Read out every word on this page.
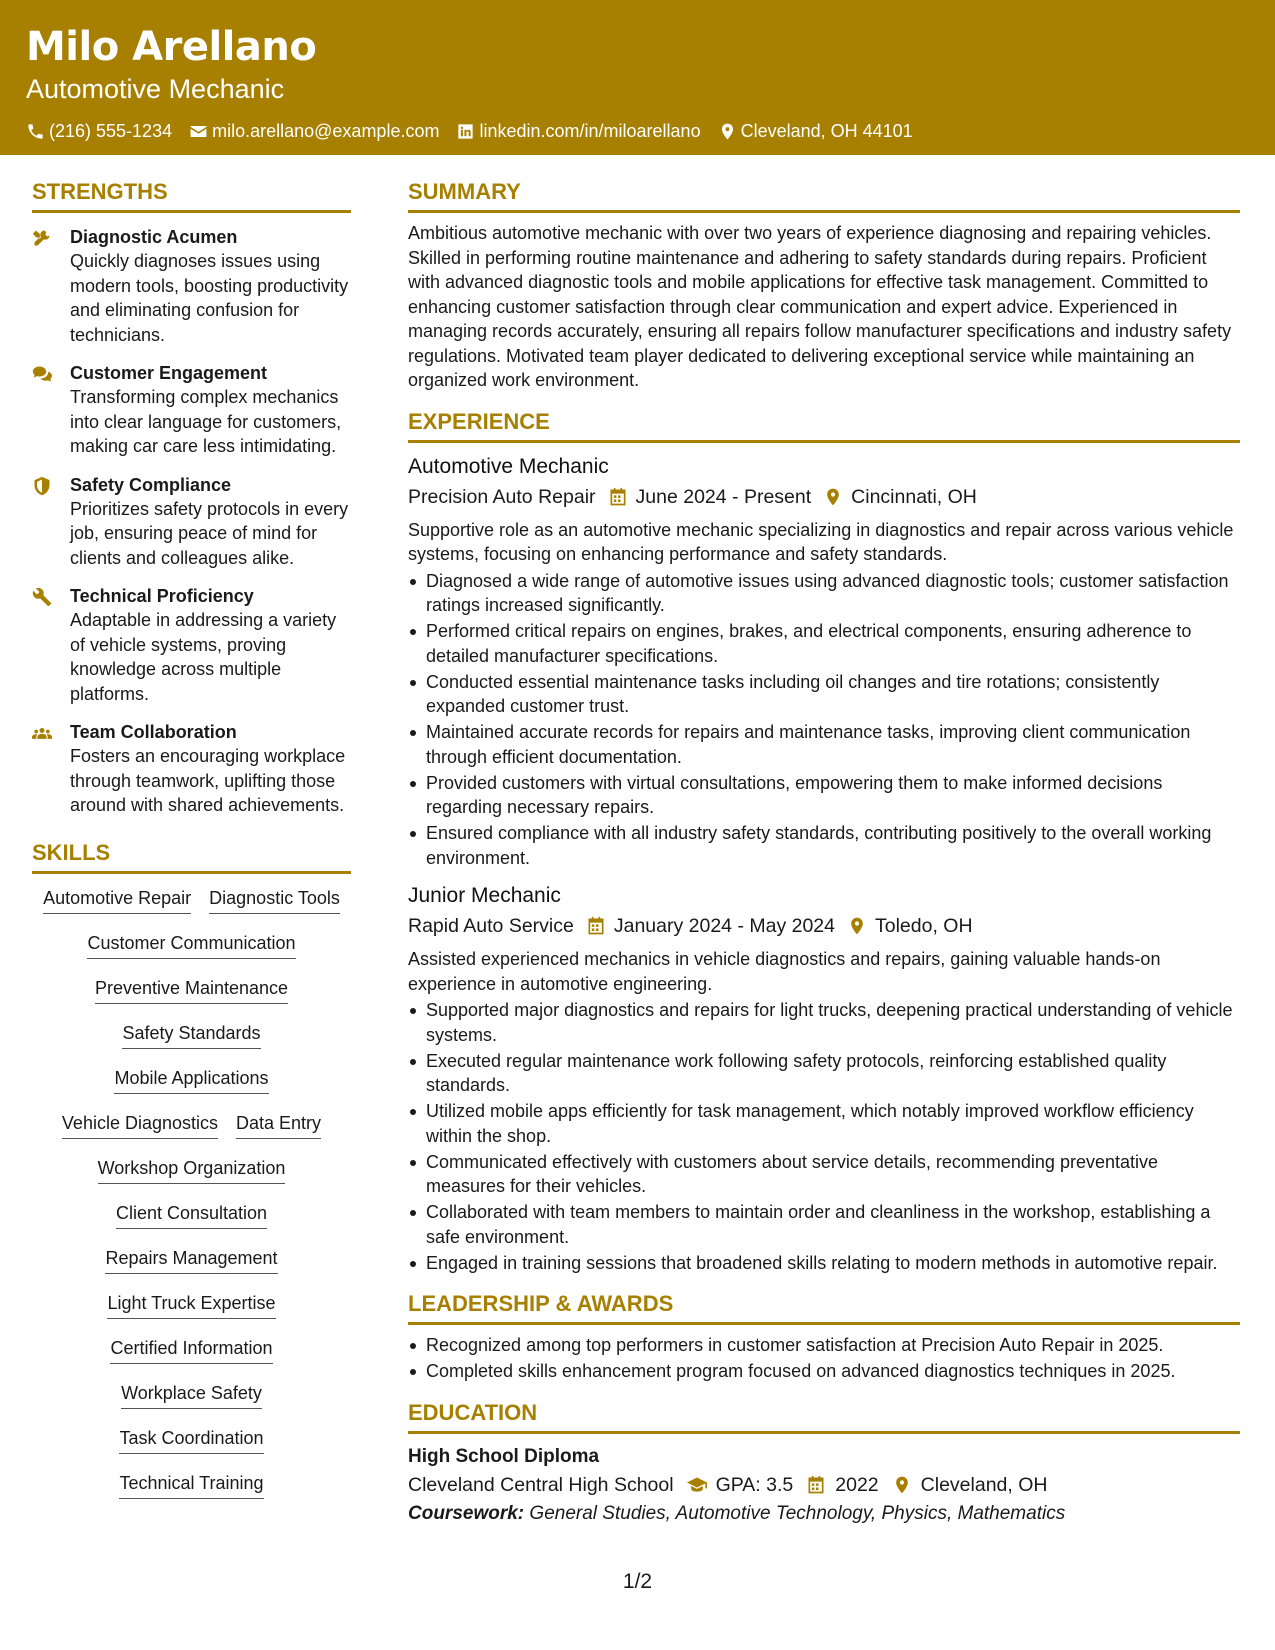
Milo Arellano
Automotive Mechanic
(216) 555-1234 milo.arellano@example.com linkedin.com/in/miloarellano Cleveland, OH 44101
STRENGTHS
Diagnostic Acumen
Quickly diagnoses issues using modern tools, boosting productivity and eliminating confusion for technicians.
Customer Engagement
Transforming complex mechanics into clear language for customers, making car care less intimidating.
Safety Compliance
Prioritizes safety protocols in every job, ensuring peace of mind for clients and colleagues alike.
Technical Proficiency
Adaptable in addressing a variety of vehicle systems, proving knowledge across multiple platforms.
Team Collaboration
Fosters an encouraging workplace through teamwork, uplifting those around with shared achievements.
SKILLS
Automotive Repair Diagnostic Tools
Customer Communication
Preventive Maintenance
Safety Standards
Mobile Applications
Vehicle Diagnostics Data Entry
Workshop Organization
Client Consultation
Repairs Management
Light Truck Expertise
Certified Information
Workplace Safety
Task Coordination
Technical Training
SUMMARY
Ambitious automotive mechanic with over two years of experience diagnosing and repairing vehicles. Skilled in performing routine maintenance and adhering to safety standards during repairs. Proficient with advanced diagnostic tools and mobile applications for effective task management. Committed to enhancing customer satisfaction through clear communication and expert advice. Experienced in managing records accurately, ensuring all repairs follow manufacturer specifications and industry safety regulations. Motivated team player dedicated to delivering exceptional service while maintaining an organized work environment.
EXPERIENCE
Automotive Mechanic
Precision Auto Repair June 2024 - Present Cincinnati, OH
Supportive role as an automotive mechanic specializing in diagnostics and repair across various vehicle systems, focusing on enhancing performance and safety standards.
Diagnosed a wide range of automotive issues using advanced diagnostic tools; customer satisfaction ratings increased significantly.
Performed critical repairs on engines, brakes, and electrical components, ensuring adherence to detailed manufacturer specifications.
Conducted essential maintenance tasks including oil changes and tire rotations; consistently expanded customer trust.
Maintained accurate records for repairs and maintenance tasks, improving client communication through efficient documentation.
Provided customers with virtual consultations, empowering them to make informed decisions regarding necessary repairs.
Ensured compliance with all industry safety standards, contributing positively to the overall working environment.
Junior Mechanic
Rapid Auto Service January 2024 - May 2024 Toledo, OH
Assisted experienced mechanics in vehicle diagnostics and repairs, gaining valuable hands-on experience in automotive engineering.
Supported major diagnostics and repairs for light trucks, deepening practical understanding of vehicle systems.
Executed regular maintenance work following safety protocols, reinforcing established quality standards.
Utilized mobile apps efficiently for task management, which notably improved workflow efficiency within the shop.
Communicated effectively with customers about service details, recommending preventative measures for their vehicles.
Collaborated with team members to maintain order and cleanliness in the workshop, establishing a safe environment.
Engaged in training sessions that broadened skills relating to modern methods in automotive repair.
LEADERSHIP & AWARDS
Recognized among top performers in customer satisfaction at Precision Auto Repair in 2025.
Completed skills enhancement program focused on advanced diagnostics techniques in 2025.
EDUCATION
High School Diploma
Cleveland Central High School GPA: 3.5 2022 Cleveland, OH
Coursework: General Studies, Automotive Technology, Physics, Mathematics
1/2
